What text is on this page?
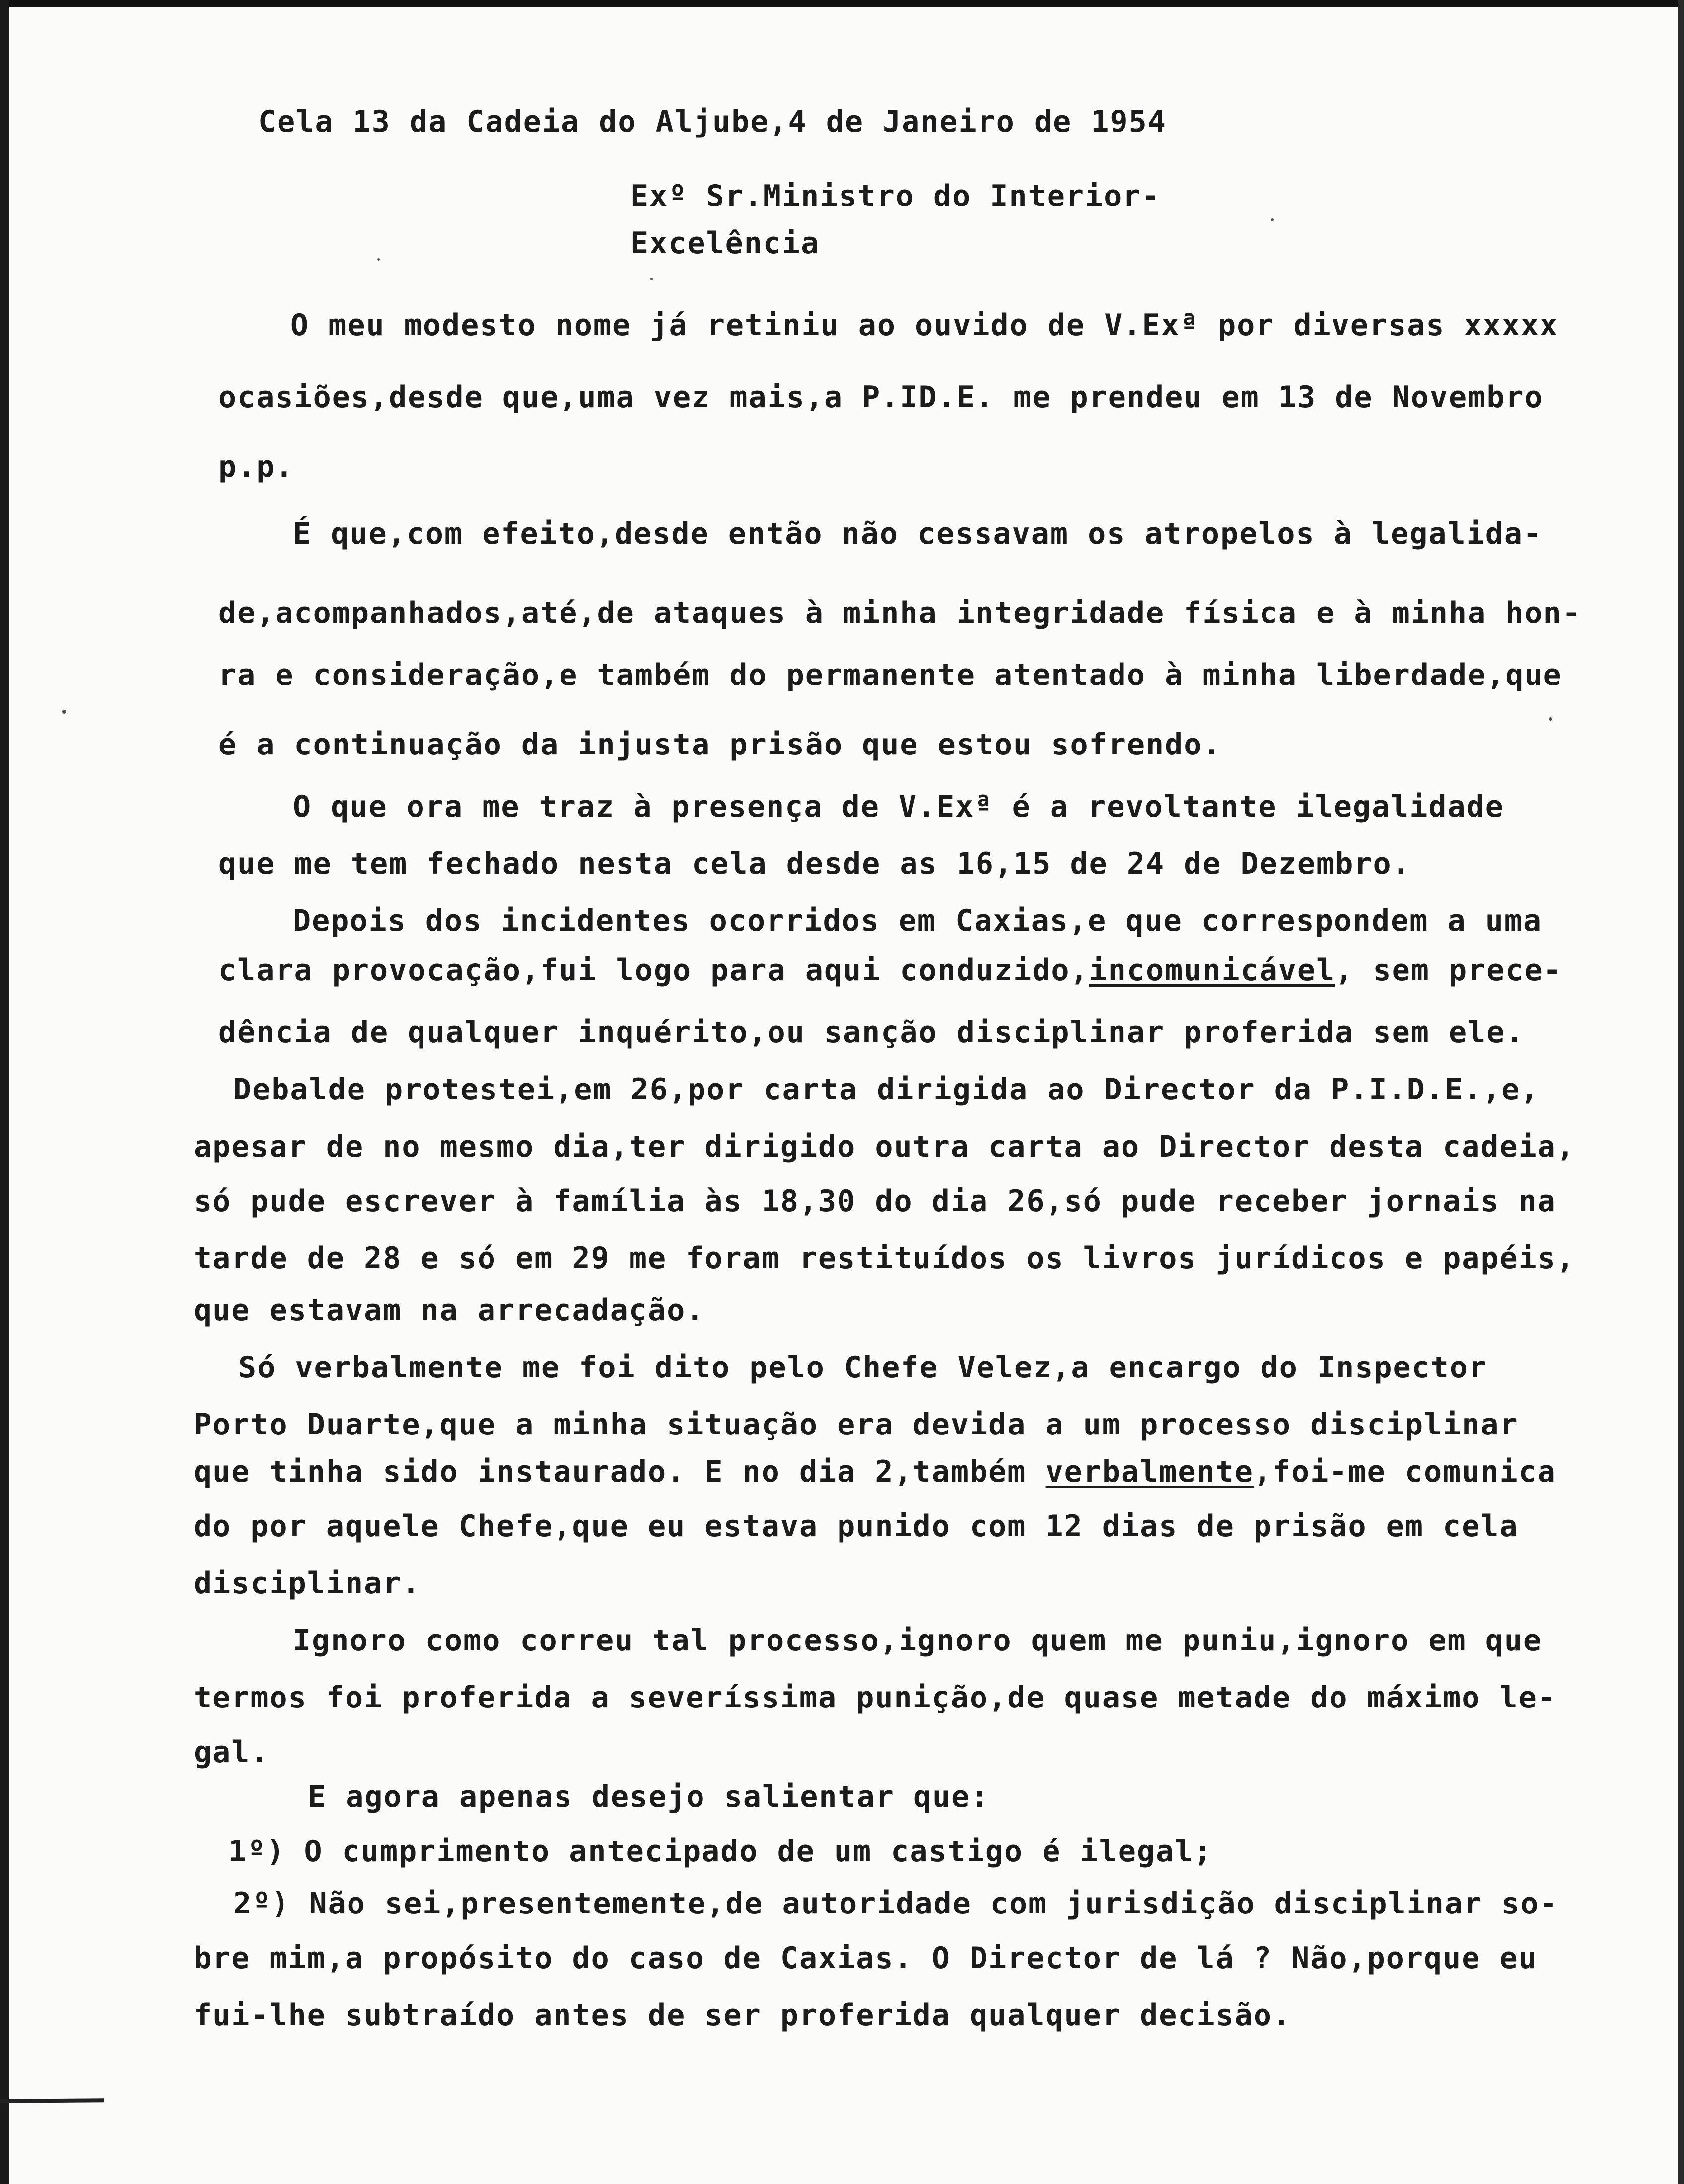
Cela 13 da Cadeia do Aljube,4 de Janeiro de 1954
Exº Sr.Ministro do Interior-
Excelência
O meu modesto nome já retiniu ao ouvido de V.Exª por diversas xxxxx
ocasiões,desde que,uma vez mais,a P.ID.E. me prendeu em 13 de Novembro
p.p.
É que,com efeito,desde então não cessavam os atropelos à legalida-
de,acompanhados,até,de ataques à minha integridade física e à minha hon-
ra e consideração,e também do permanente atentado à minha liberdade,que
é a continuação da injusta prisão que estou sofrendo.
O que ora me traz à presença de V.Exª é a revoltante ilegalidade
que me tem fechado nesta cela desde as 16,15 de 24 de Dezembro.
Depois dos incidentes ocorridos em Caxias,e que correspondem a uma
clara provocação,fui logo para aqui conduzido,incomunicável, sem prece-
dência de qualquer inquérito,ou sanção disciplinar proferida sem ele.
Debalde protestei,em 26,por carta dirigida ao Director da P.I.D.E.,e,
apesar de no mesmo dia,ter dirigido outra carta ao Director desta cadeia,
só pude escrever à família às 18,30 do dia 26,só pude receber jornais na
tarde de 28 e só em 29 me foram restituídos os livros jurídicos e papéis,
que estavam na arrecadação.
Só verbalmente me foi dito pelo Chefe Velez,a encargo do Inspector
Porto Duarte,que a minha situação era devida a um processo disciplinar
que tinha sido instaurado. E no dia 2,também verbalmente,foi-me comunica
do por aquele Chefe,que eu estava punido com 12 dias de prisão em cela
disciplinar.
Ignoro como correu tal processo,ignoro quem me puniu,ignoro em que
termos foi proferida a severíssima punição,de quase metade do máximo le-
gal.
E agora apenas desejo salientar que:
1º) O cumprimento antecipado de um castigo é ilegal;
2º) Não sei,presentemente,de autoridade com jurisdição disciplinar so-
bre mim,a propósito do caso de Caxias. O Director de lá ? Não,porque eu
fui-lhe subtraído antes de ser proferida qualquer decisão.
